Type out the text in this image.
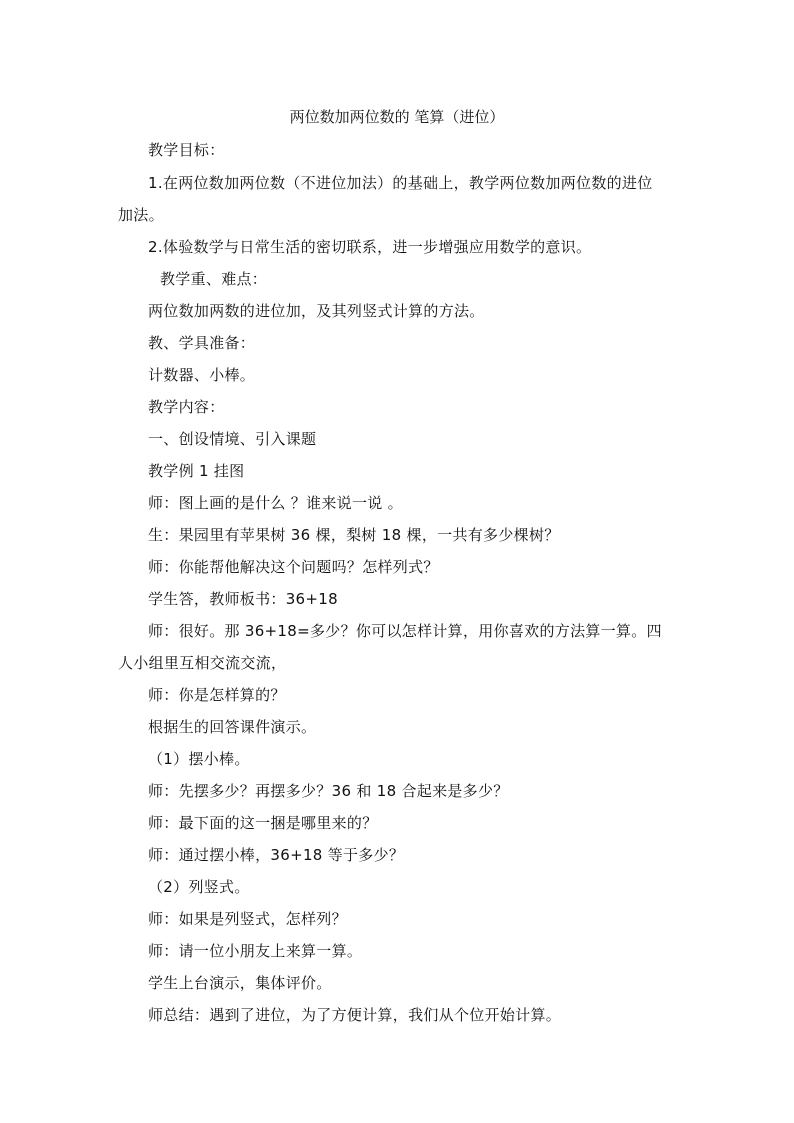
两位数加两位数的 笔算（进位）
教学目标：
1.在两位数加两位数（不进位加法）的基础上，教学两位数加两位数的进位
加法。
2.体验数学与日常生活的密切联系，进一步增强应用数学的意识。
教学重、难点：
两位数加两数的进位加，及其列竖式计算的方法。
教、学具准备：
计数器、小棒。
教学内容：
一、创设情境、引入课题
教学例 1 挂图
师：图上画的是什么 ？谁来说一说 。
生：果园里有苹果树 36 棵，梨树 18 棵，一共有多少棵树？
师：你能帮他解决这个问题吗？怎样列式？
学生答，教师板书：36+18
师：很好。那 36+18=多少？你可以怎样计算，用你喜欢的方法算一算。四
人小组里互相交流交流，
师：你是怎样算的？
根据生的回答课件演示。
（1）摆小棒。
师：先摆多少？再摆多少？36 和 18 合起来是多少？
师：最下面的这一捆是哪里来的？
师：通过摆小棒，36+18 等于多少？
（2）列竖式。
师：如果是列竖式，怎样列？
师：请一位小朋友上来算一算。
学生上台演示，集体评价。
师总结：遇到了进位，为了方便计算，我们从个位开始计算。
